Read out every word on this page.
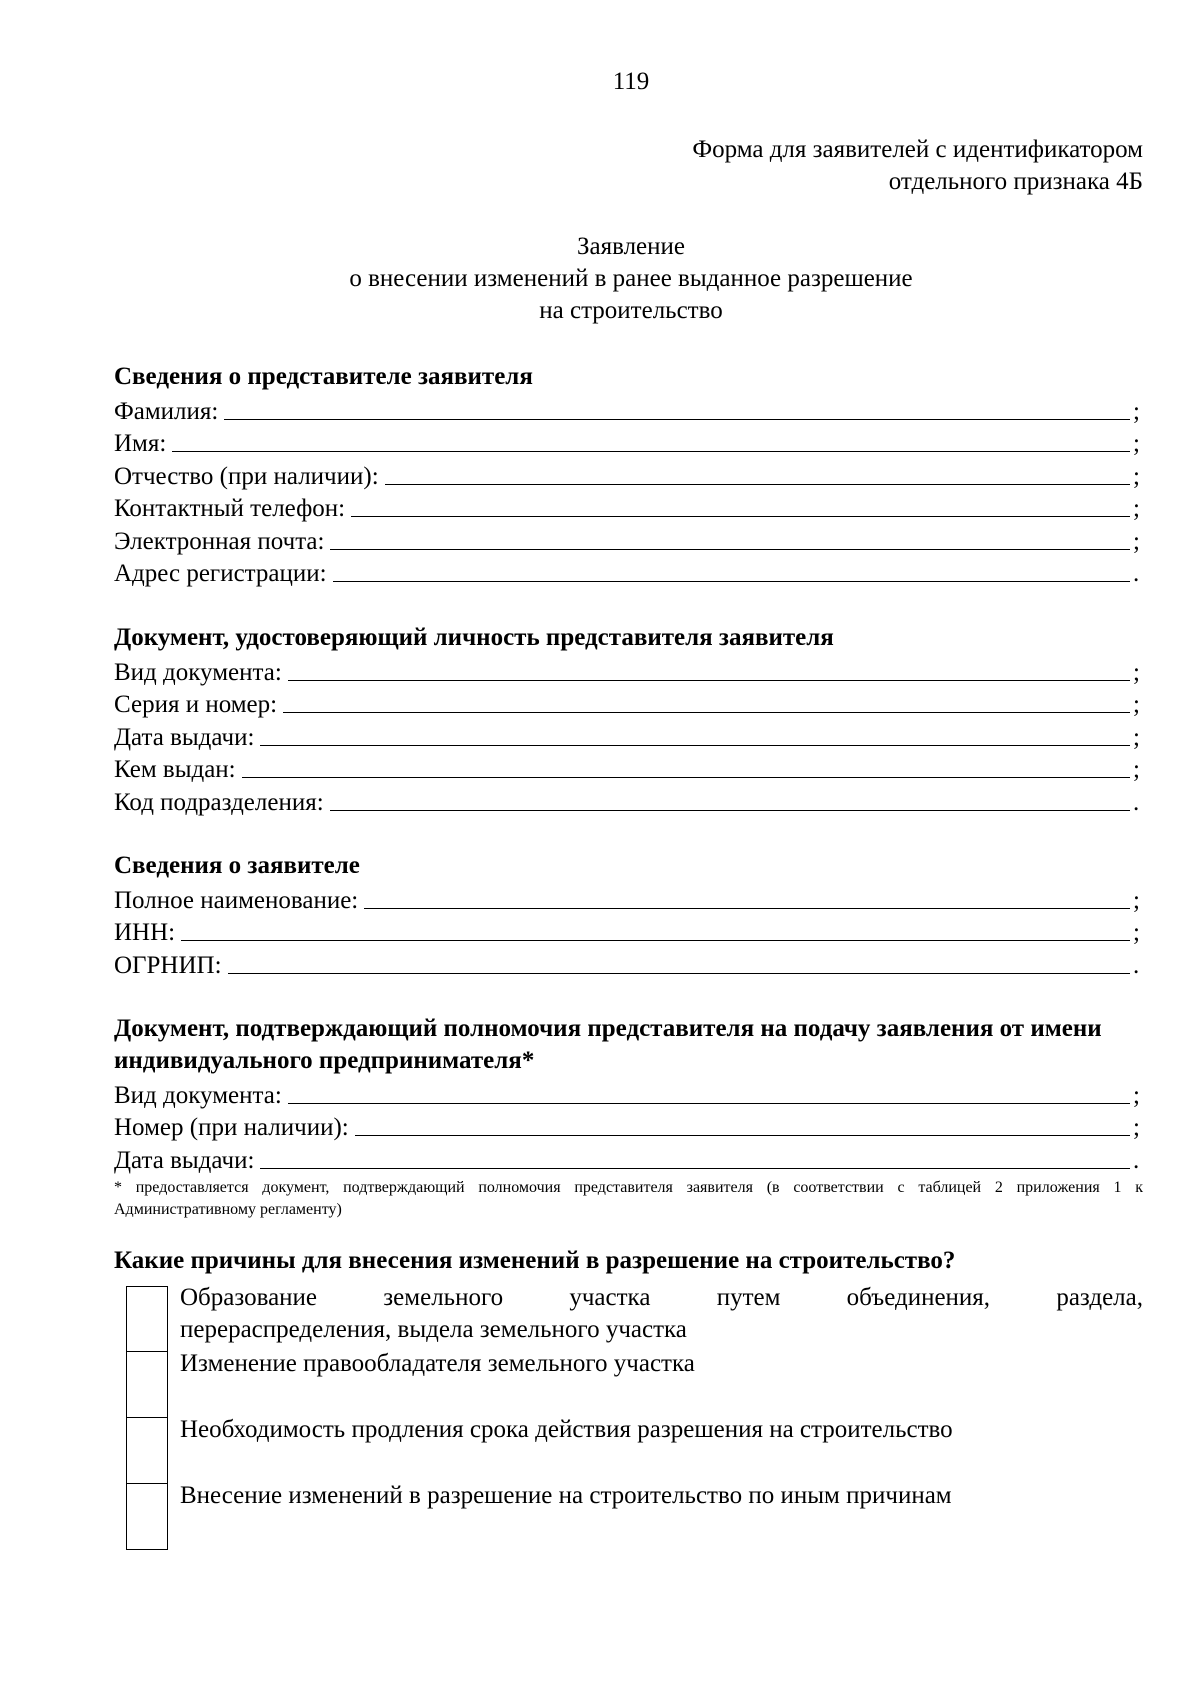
119
Форма для заявителей с идентификатором
отдельного признака 4Б
Заявление
о внесении изменений в ранее выданное разрешение
на строительство
Сведения о представителе заявителя
Фамилия:	;
Имя:	;
Отчество (при наличии):	;
Контактный телефон:	;
Электронная почта:	;
Адрес регистрации:	.
Документ, удостоверяющий личность представителя заявителя
Вид документа:	;
Серия и номер:	;
Дата выдачи:	;
Кем выдан:	;
Код подразделения:	.
Сведения о заявителе
Полное наименование:	;
ИНН:	;
ОГРНИП:	.
Документ, подтверждающий полномочия представителя на подачу заявления от имени индивидуального предпринимателя*
Вид документа:	;
Номер (при наличии):	;
Дата выдачи:	.
* предоставляется документ, подтверждающий полномочия представителя заявителя (в соответствии с таблицей 2 приложения 1 к Административному регламенту)
Какие причины для внесения изменений в разрешение на строительство?
Образование земельного участка путем объединения, раздела,
перераспределения, выдела земельного участка
Изменение правообладателя земельного участка
Необходимость продления срока действия разрешения на строительство
Внесение изменений в разрешение на строительство по иным причинам
